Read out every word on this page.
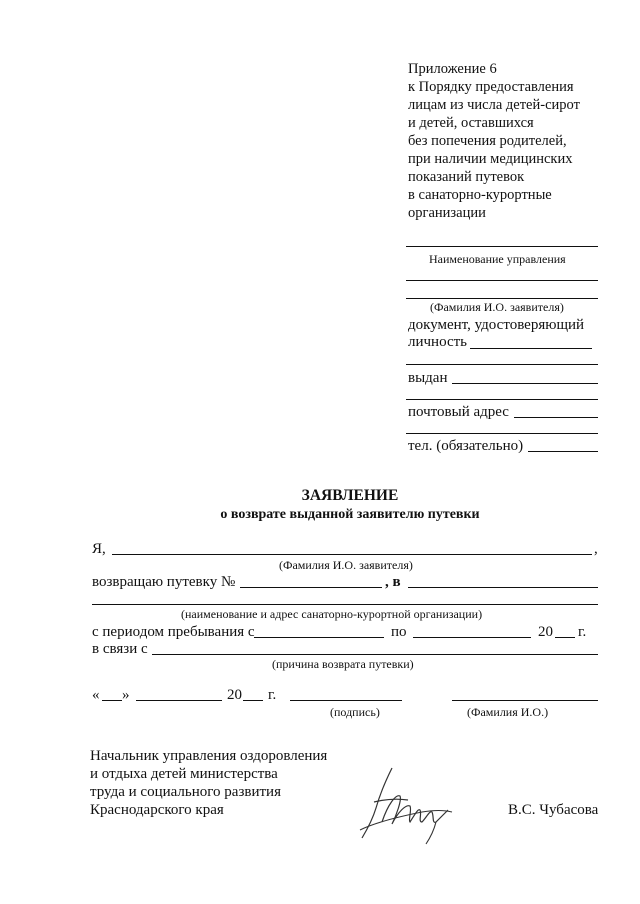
Приложение 6
к Порядку предоставления
лицам из числа детей-сирот
и детей, оставшихся
без попечения родителей,
при наличии медицинских
показаний путевок
в санаторно-курортные
организации
Наименование управления
(Фамилия И.О. заявителя)
документ, удостоверяющий
личность
выдан
почтовый адрес
тел. (обязательно)
ЗАЯВЛЕНИЕ
о возврате выданной заявителю путевки
Я,	,
(Фамилия И.О. заявителя)
возвращаю путевку №	, в
(наименование и адрес санаторно-курортной организации)
с периодом пребывания с	по	20 г.
в связи с
(причина возврата путевки)
« »	20 г.
(подпись)	(Фамилия И.О.)
Начальник управления оздоровления
и отдыха детей министерства
труда и социального развития
Краснодарского края	В.С. Чубасова
